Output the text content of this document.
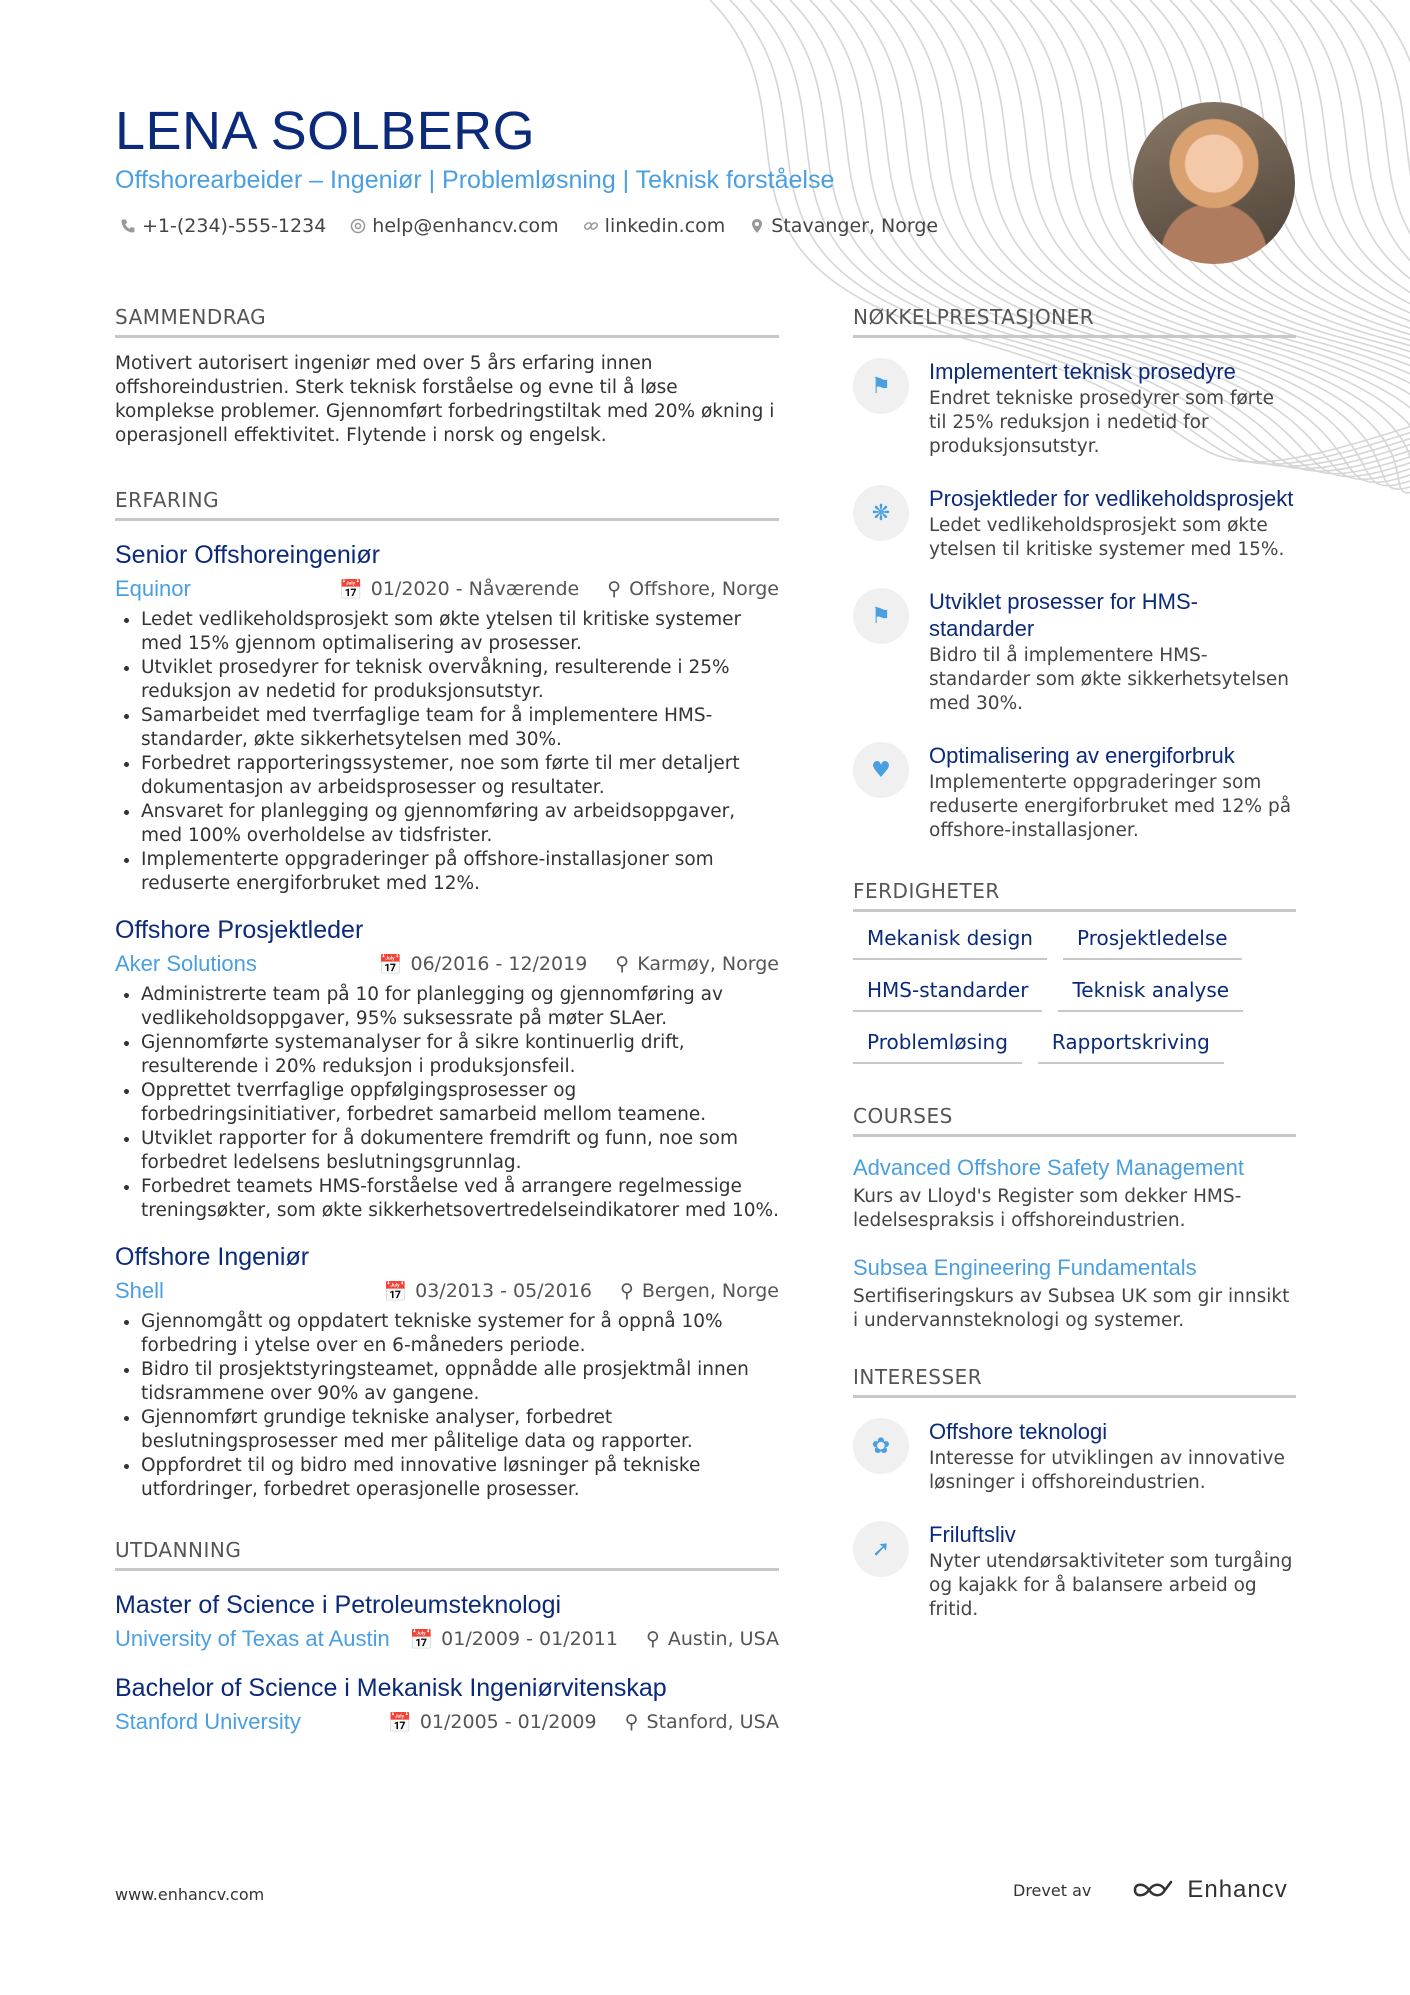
LENA SOLBERG
Offshorearbeider – Ingeniør | Problemløsning | Teknisk forståelse
+1-(234)-555-1234 help@enhancv.com linkedin.com Stavanger, Norge
SAMMENDRAG

Motivert autorisert ingeniør med over 5 års erfaring innen offshoreindustrien. Sterk teknisk forståelse og evne til å løse komplekse problemer. Gjennomført forbedringstiltak med 20% økning i operasjonell effektivitet. Flytende i norsk og engelsk.

ERFARING
Senior Offshoreingeniør
Equinor	📅 01/2020 - Nåværende ⚲ Offshore, Norge
• Ledet vedlikeholdsprosjekt som økte ytelsen til kritiske systemer med 15% gjennom optimalisering av prosesser.
• Utviklet prosedyrer for teknisk overvåkning, resulterende i 25% reduksjon av nedetid for produksjonsutstyr.
• Samarbeidet med tverrfaglige team for å implementere HMS-standarder, økte sikkerhetsytelsen med 30%.
• Forbedret rapporteringssystemer, noe som førte til mer detaljert dokumentasjon av arbeidsprosesser og resultater.
• Ansvaret for planlegging og gjennomføring av arbeidsoppgaver, med 100% overholdelse av tidsfrister.
• Implementerte oppgraderinger på offshore-installasjoner som reduserte energiforbruket med 12%.
Offshore Prosjektleder
Aker Solutions	📅 06/2016 - 12/2019 ⚲ Karmøy, Norge
• Administrerte team på 10 for planlegging og gjennomføring av vedlikeholdsoppgaver, 95% suksessrate på møter SLAer.
• Gjennomførte systemanalyser for å sikre kontinuerlig drift, resulterende i 20% reduksjon i produksjonsfeil.
• Opprettet tverrfaglige oppfølgingsprosesser og forbedringsinitiativer, forbedret samarbeid mellom teamene.
• Utviklet rapporter for å dokumentere fremdrift og funn, noe som forbedret ledelsens beslutningsgrunnlag.
• Forbedret teamets HMS-forståelse ved å arrangere regelmessige treningsøkter, som økte sikkerhetsovertredelseindikatorer med 10%.
Offshore Ingeniør
Shell	📅 03/2013 - 05/2016 ⚲ Bergen, Norge
• Gjennomgått og oppdatert tekniske systemer for å oppnå 10% forbedring i ytelse over en 6-måneders periode.
• Bidro til prosjektstyringsteamet, oppnådde alle prosjektmål innen tidsrammene over 90% av gangene.
• Gjennomført grundige tekniske analyser, forbedret beslutningsprosesser med mer pålitelige data og rapporter.
• Oppfordret til og bidro med innovative løsninger på tekniske utfordringer, forbedret operasjonelle prosesser.
UTDANNING
Master of Science i Petroleumsteknologi
University of Texas at Austin 📅 01/2009 - 01/2011 ⚲ Austin, USA
Bachelor of Science i Mekanisk Ingeniørvitenskap
Stanford University	📅 01/2005 - 01/2009 ⚲ Stanford, USA
NØKKELPRESTASJONER
⚑
Implementert teknisk prosedyre

Endret tekniske prosedyrer som førte til 25% reduksjon i nedetid for produksjonsutstyr.

❋
Prosjektleder for vedlikeholdsprosjekt

Ledet vedlikeholdsprosjekt som økte ytelsen til kritiske systemer med 15%.

⚑
Utviklet prosesser for HMS-standarder

Bidro til å implementere HMS-standarder som økte sikkerhetsytelsen med 30%.

♥
Optimalisering av energiforbruk

Implementerte oppgraderinger som reduserte energiforbruket med 12% på offshore-installasjoner.

FERDIGHETER
Mekanisk design	Prosjektledelse
HMS-standarder	Teknisk analyse
Problemløsing	Rapportskriving
COURSES
Advanced Offshore Safety Management

Kurs av Lloyd's Register som dekker HMS-ledelsespraksis i offshoreindustrien.

Subsea Engineering Fundamentals

Sertifiseringskurs av Subsea UK som gir innsikt i undervannsteknologi og systemer.

INTERESSER
✿
Offshore teknologi

Interesse for utviklingen av innovative løsninger i offshoreindustrien.

➚
Friluftsliv

Nyter utendørsaktiviteter som turgåing og kajakk for å balansere arbeid og fritid.

www.enhancv.com	Drevet av	Enhancv
